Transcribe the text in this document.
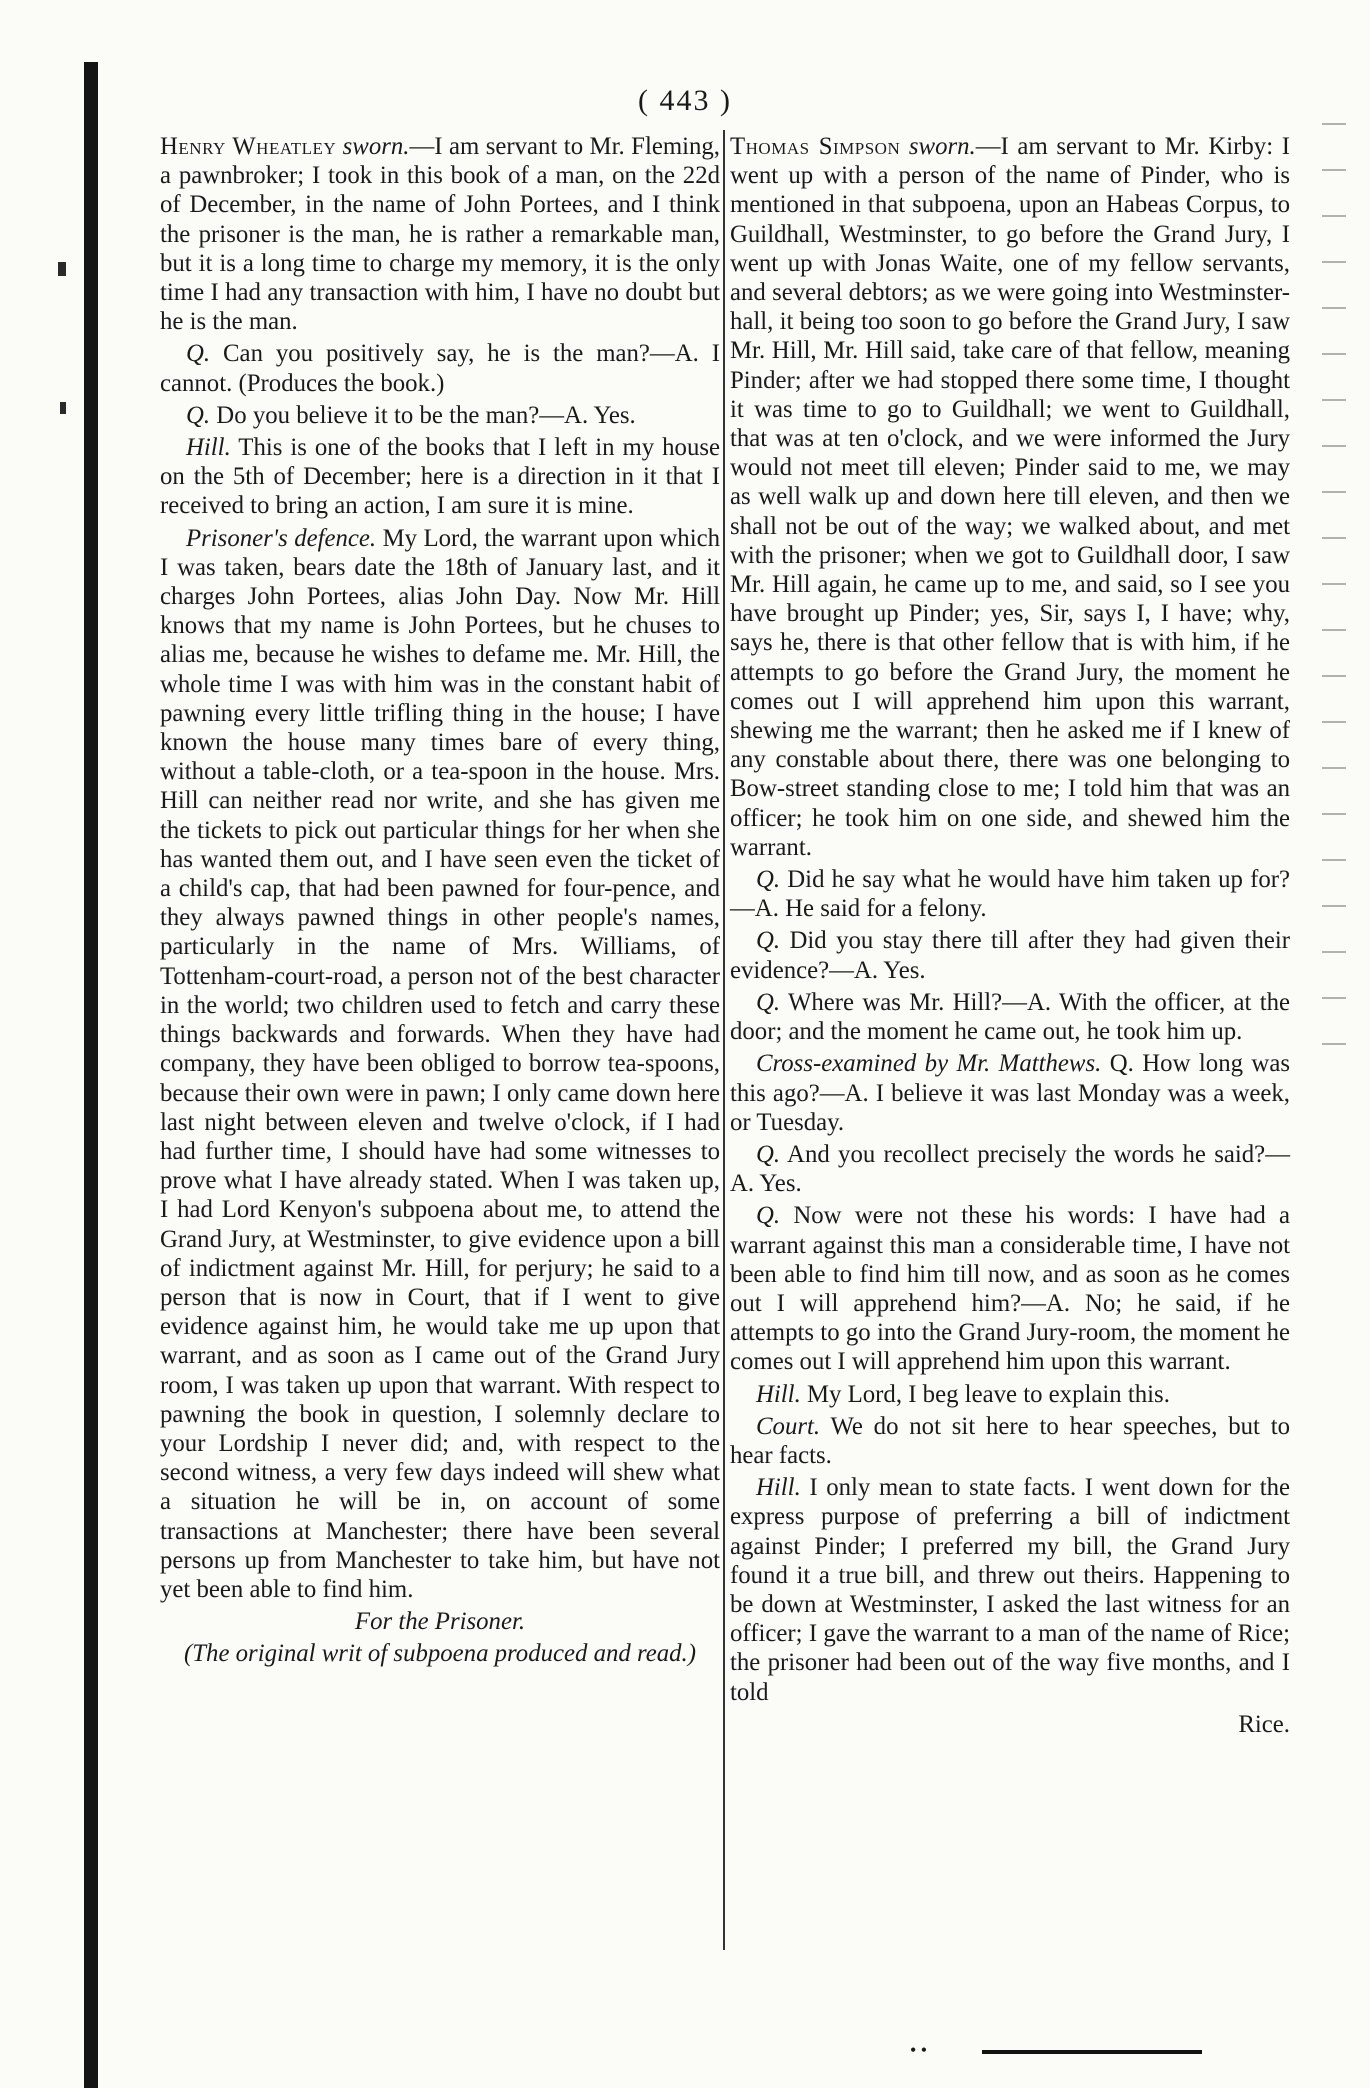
( 443 )

Henry Wheatley sworn.—I am servant to Mr. Fleming, a pawnbroker; I took in this book of a man, on the 22d of December, in the name of John Portees, and I think the prisoner is the man, he is rather a remarkable man, but it is a long time to charge my memory, it is the only time I had any transaction with him, I have no doubt but he is the man.

Q. Can you positively say, he is the man?—A. I cannot. (Produces the book.)

Q. Do you believe it to be the man?—A. Yes.

Hill. This is one of the books that I left in my house on the 5th of December; here is a direction in it that I received to bring an action, I am sure it is mine.

Prisoner's defence. My Lord, the warrant upon which I was taken, bears date the 18th of January last, and it charges John Portees, alias John Day. Now Mr. Hill knows that my name is John Portees, but he chuses to alias me, because he wishes to defame me. Mr. Hill, the whole time I was with him was in the constant habit of pawning every little trifling thing in the house; I have known the house many times bare of every thing, without a table-cloth, or a tea-spoon in the house. Mrs. Hill can neither read nor write, and she has given me the tickets to pick out particular things for her when she has wanted them out, and I have seen even the ticket of a child's cap, that had been pawned for four-pence, and they always pawned things in other people's names, particularly in the name of Mrs. Williams, of Tottenham-court-road, a person not of the best character in the world; two children used to fetch and carry these things backwards and forwards. When they have had company, they have been obliged to borrow tea-spoons, because their own were in pawn; I only came down here last night between eleven and twelve o'clock, if I had had further time, I should have had some witnesses to prove what I have already stated. When I was taken up, I had Lord Kenyon's subpoena about me, to attend the Grand Jury, at Westminster, to give evidence upon a bill of indictment against Mr. Hill, for perjury; he said to a person that is now in Court, that if I went to give evidence against him, he would take me up upon that warrant, and as soon as I came out of the Grand Jury room, I was taken up upon that warrant. With respect to pawning the book in question, I solemnly declare to your Lordship I never did; and, with respect to the second witness, a very few days indeed will shew what a situation he will be in, on account of some transactions at Manchester; there have been several persons up from Manchester to take him, but have not yet been able to find him.

For the Prisoner.

(The original writ of subpoena produced and read.)

Thomas Simpson sworn.—I am servant to Mr. Kirby: I went up with a person of the name of Pinder, who is mentioned in that subpoena, upon an Habeas Corpus, to Guildhall, Westminster, to go before the Grand Jury, I went up with Jonas Waite, one of my fellow servants, and several debtors; as we were going into Westminster-hall, it being too soon to go before the Grand Jury, I saw Mr. Hill, Mr. Hill said, take care of that fellow, meaning Pinder; after we had stopped there some time, I thought it was time to go to Guildhall; we went to Guildhall, that was at ten o'clock, and we were informed the Jury would not meet till eleven; Pinder said to me, we may as well walk up and down here till eleven, and then we shall not be out of the way; we walked about, and met with the prisoner; when we got to Guildhall door, I saw Mr. Hill again, he came up to me, and said, so I see you have brought up Pinder; yes, Sir, says I, I have; why, says he, there is that other fellow that is with him, if he attempts to go before the Grand Jury, the moment he comes out I will apprehend him upon this warrant, shewing me the warrant; then he asked me if I knew of any constable about there, there was one belonging to Bow-street standing close to me; I told him that was an officer; he took him on one side, and shewed him the warrant.

Q. Did he say what he would have him taken up for?—A. He said for a felony.

Q. Did you stay there till after they had given their evidence?—A. Yes.

Q. Where was Mr. Hill?—A. With the officer, at the door; and the moment he came out, he took him up.

Cross-examined by Mr. Matthews. Q. How long was this ago?—A. I believe it was last Monday was a week, or Tuesday.

Q. And you recollect precisely the words he said?—A. Yes.

Q. Now were not these his words: I have had a warrant against this man a considerable time, I have not been able to find him till now, and as soon as he comes out I will apprehend him?—A. No; he said, if he attempts to go into the Grand Jury-room, the moment he comes out I will apprehend him upon this warrant.

Hill. My Lord, I beg leave to explain this.

Court. We do not sit here to hear speeches, but to hear facts.

Hill. I only mean to state facts. I went down for the express purpose of preferring a bill of indictment against Pinder; I preferred my bill, the Grand Jury found it a true bill, and threw out theirs. Happening to be down at Westminster, I asked the last witness for an officer; I gave the warrant to a man of the name of Rice; the prisoner had been out of the way five months, and I told

Rice.

• •
